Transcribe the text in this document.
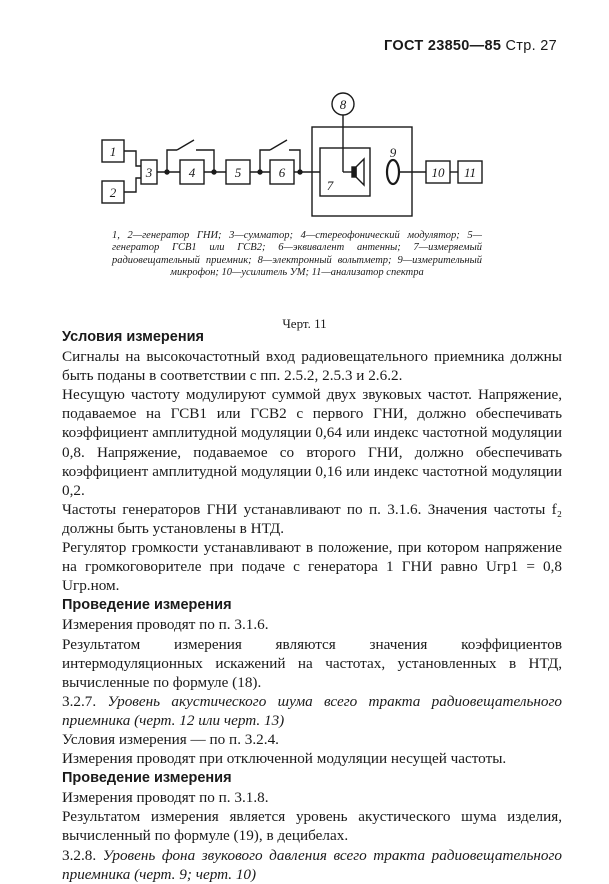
ГОСТ 23850—85 Стр. 27
1
2
3	4	5	6
7
8
9
10 11
1, 2—генератор ГНИ; 3—сумматор; 4—стереофонический модулятор; 5—генератор ГСВ1 или ГСВ2; 6—эквивалент антенны; 7—измеряемый радиовещательный приемник; 8—электронный вольтметр; 9—измерительный микрофон; 10—усилитель УМ; 11—анализатор спектра
Черт. 11

Условия измерения

Сигналы на высокочастотный вход радиовещательного приемника должны быть поданы в соответствии с пп. 2.5.2, 2.5.3 и 2.6.2.

Несущую частоту модулируют суммой двух звуковых частот. Напряжение, подаваемое на ГСВ1 или ГСВ2 с первого ГНИ, должно обеспечивать коэффициент амплитудной модуляции 0,64 или индекс частотной модуляции 0,8. Напряжение, подаваемое со второго ГНИ, должно обеспечивать коэффициент амплитудной модуляции 0,16 или индекс частотной модуляции 0,2.

Частоты генераторов ГНИ устанавливают по п. 3.1.6. Значения частоты f₂ должны быть установлены в НТД.

Регулятор громкости устанавливают в положение, при котором напряжение на громкоговорителе при подаче с генератора 1 ГНИ равно Uгр1 = 0,8 Uгр.ном.

Проведение измерения

Измерения проводят по п. 3.1.6.

Результатом измерения являются значения коэффициентов интермодуляционных искажений на частотах, установленных в НТД, вычисленные по формуле (18).

3.2.7. Уровень акустического шума всего тракта радиовещательного приемника (черт. 12 или черт. 13)

Условия измерения — по п. 3.2.4.

Измерения проводят при отключенной модуляции несущей частоты.

Проведение измерения

Измерения проводят по п. 3.1.8.

Результатом измерения является уровень акустического шума изделия, вычисленный по формуле (19), в децибелах.

3.2.8. Уровень фона звукового давления всего тракта радиовещательного приемника (черт. 9; черт. 10)
